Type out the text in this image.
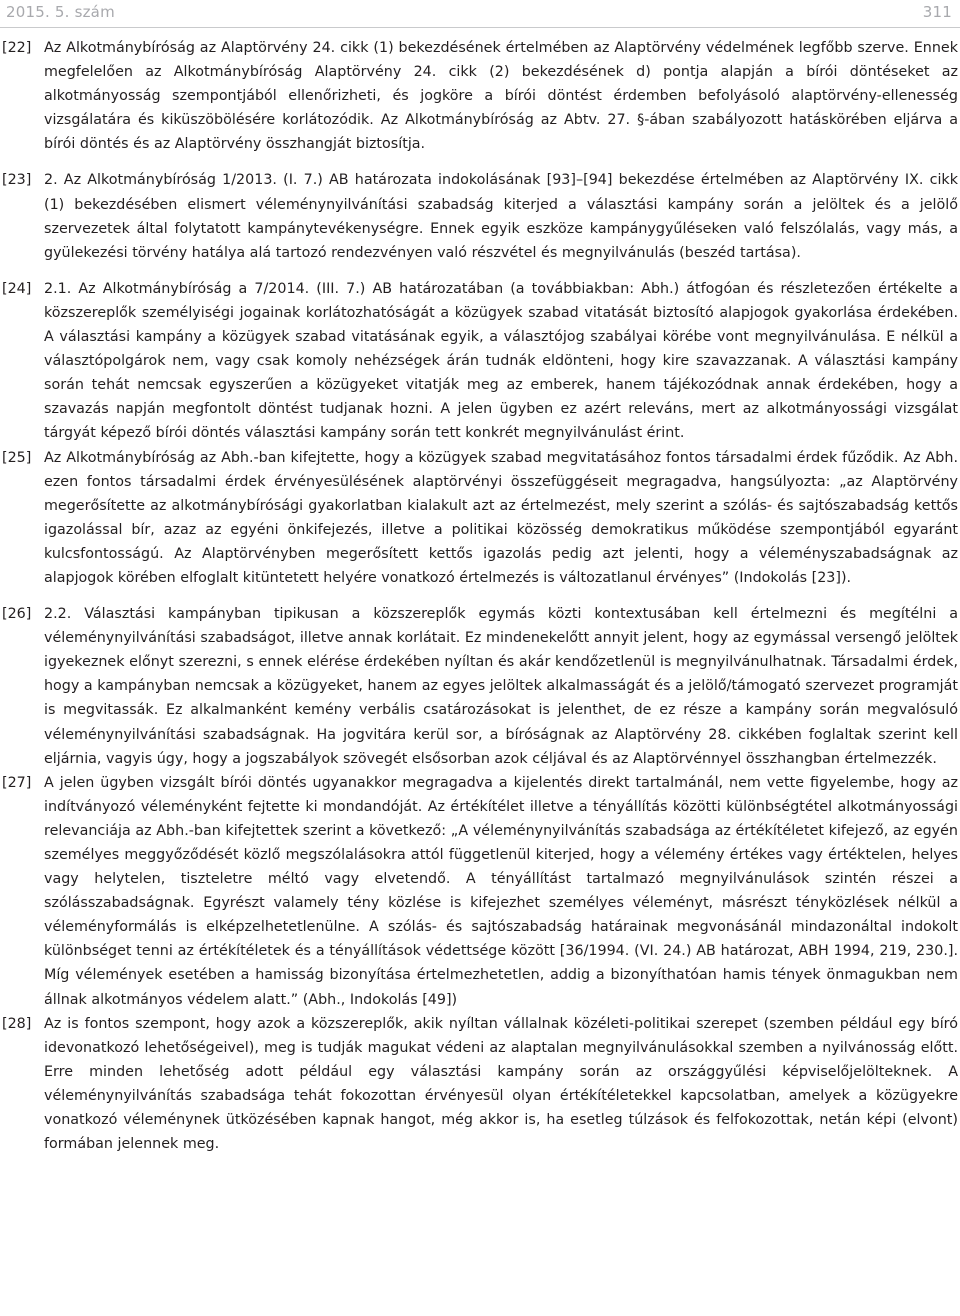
2015. 5. szám	311
[22] Az Alkotmánybíróság az Alaptörvény 24. cikk (1) bekezdésének értelmében az Alaptörvény védelmének legfőbb szerve. Ennek megfelelően az Alkotmánybíróság Alaptörvény 24. cikk (2) bekezdésének d) pontja alapján a bírói döntéseket az alkotmányosság szempontjából ellenőrizheti, és jogköre a bírói döntést érdemben befolyásoló alaptörvény-ellenesség vizsgálatára és kiküszöbölésére korlátozódik. Az Alkotmánybíróság az Abtv. 27. §-ában szabályozott hatáskörében eljárva a bírói döntés és az Alaptörvény összhangját biztosítja.
[23] 2. Az Alkotmánybíróság 1/2013. (I. 7.) AB határozata indokolásának [93]–[94] bekezdése értelmében az Alaptörvény IX. cikk (1) bekezdésében elismert véleménynyilvánítási szabadság kiterjed a választási kampány során a jelöltek és a jelölő szervezetek által folytatott kampánytevékenységre. Ennek egyik eszköze kampánygyűléseken való felszólalás, vagy más, a gyülekezési törvény hatálya alá tartozó rendezvényen való részvétel és megnyilvánulás (beszéd tartása).
[24] 2.1. Az Alkotmánybíróság a 7/2014. (III. 7.) AB határozatában (a továbbiakban: Abh.) átfogóan és részletezően értékelte a közszereplők személyiségi jogainak korlátozhatóságát a közügyek szabad vitatását biztosító alapjogok gyakorlása érdekében. A választási kampány a közügyek szabad vitatásának egyik, a választójog szabályai körébe vont megnyilvánulása. E nélkül a választópolgárok nem, vagy csak komoly nehézségek árán tudnák eldönteni, hogy kire szavazzanak. A választási kampány során tehát nemcsak egyszerűen a közügyeket vitatják meg az emberek, hanem tájékozódnak annak érdekében, hogy a szavazás napján megfontolt döntést tudjanak hozni. A jelen ügyben ez azért releváns, mert az alkotmányossági vizsgálat tárgyát képező bírói döntés választási kampány során tett konkrét megnyilvánulást érint.
[25] Az Alkotmánybíróság az Abh.-ban kifejtette, hogy a közügyek szabad megvitatásához fontos társadalmi érdek fűződik. Az Abh. ezen fontos társadalmi érdek érvényesülésének alaptörvényi összefüggéseit megragadva, hangsúlyozta: „az Alaptörvény megerősítette az alkotmánybírósági gyakorlatban kialakult azt az értelmezést, mely szerint a szólás- és sajtószabadság kettős igazolással bír, azaz az egyéni önkifejezés, illetve a politikai közösség demokratikus működése szempontjából egyaránt kulcsfontosságú. Az Alaptörvényben megerősített kettős igazolás pedig azt jelenti, hogy a véleményszabadságnak az alapjogok körében elfoglalt kitüntetett helyére vonatkozó értelmezés is változatlanul érvényes” (Indokolás [23]).
[26] 2.2. Választási kampányban tipikusan a közszereplők egymás közti kontextusában kell értelmezni és megítélni a véleménynyilvánítási szabadságot, illetve annak korlátait. Ez mindenekelőtt annyit jelent, hogy az egymással versengő jelöltek igyekeznek előnyt szerezni, s ennek elérése érdekében nyíltan és akár kendőzetlenül is megnyilvánulhatnak. Társadalmi érdek, hogy a kampányban nemcsak a közügyeket, hanem az egyes jelöltek alkalmasságát és a jelölő/támogató szervezet programját is megvitassák. Ez alkalmanként kemény verbális csatározásokat is jelenthet, de ez része a kampány során megvalósuló véleménynyilvánítási szabadságnak. Ha jogvitára kerül sor, a bíróságnak az Alaptörvény 28. cikkében foglaltak szerint kell eljárnia, vagyis úgy, hogy a jogszabályok szövegét elsősorban azok céljával és az Alaptörvénnyel összhangban értelmezzék.
[27] A jelen ügyben vizsgált bírói döntés ugyanakkor megragadva a kijelentés direkt tartalmánál, nem vette figyelembe, hogy az indítványozó véleményként fejtette ki mondandóját. Az értékítélet illetve a tényállítás közötti különbségtétel alkotmányossági relevanciája az Abh.-ban kifejtettek szerint a következő: „A véleménynyilvánítás szabadsága az értékítéletet kifejező, az egyén személyes meggyőződését közlő megszólalásokra attól függetlenül kiterjed, hogy a vélemény értékes vagy értéktelen, helyes vagy helytelen, tiszteletre méltó vagy elvetendő. A tényállítást tartalmazó megnyilvánulások szintén részei a szólásszabadságnak. Egyrészt valamely tény közlése is kifejezhet személyes véleményt, másrészt tényközlések nélkül a véleményformálás is elképzelhetetlenülne. A szólás- és sajtószabadság határainak megvonásánál mindazonáltal indokolt különbséget tenni az értékítéletek és a tényállítások védettsége között [36/1994. (VI. 24.) AB határozat, ABH 1994, 219, 230.]. Míg vélemények esetében a hamisság bizonyítása értelmezhetetlen, addig a bizonyíthatóan hamis tények önmagukban nem állnak alkotmányos védelem alatt.” (Abh., Indokolás [49])
[28] Az is fontos szempont, hogy azok a közszereplők, akik nyíltan vállalnak közéleti-politikai szerepet (szemben például egy bíró idevonatkozó lehetőségeivel), meg is tudják magukat védeni az alaptalan megnyilvánulásokkal szemben a nyilvánosság előtt. Erre minden lehetőség adott például egy választási kampány során az országgyűlési képviselőjelölteknek. A véleménynyilvánítás szabadsága tehát fokozottan érvényesül olyan értékítéletekkel kapcsolatban, amelyek a közügyekre vonatkozó véleménynek ütközésében kapnak hangot, még akkor is, ha esetleg túlzások és felfokozottak, netán képi (elvont) formában jelennek meg.
